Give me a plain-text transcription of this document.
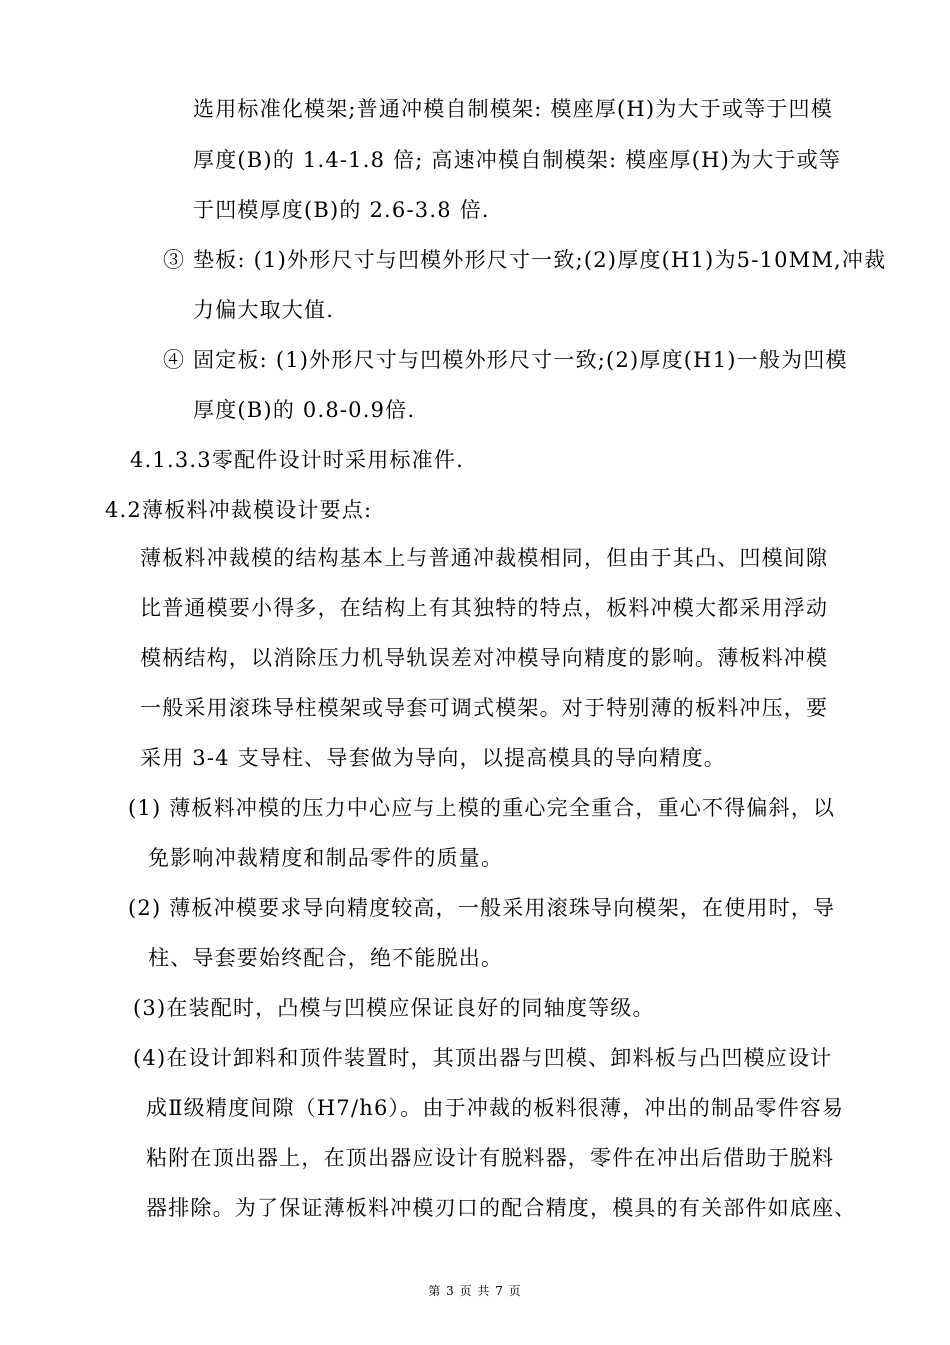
选用标准化模架;普通冲模自制模架: 模座厚(H)为大于或等于凹模
厚度(B)的 1.4-1.8 倍; 高速冲模自制模架: 模座厚(H)为大于或等
于凹模厚度(B)的 2.6-3.8 倍.
③ 垫板: (1)外形尺寸与凹模外形尺寸一致;(2)厚度(H1)为5-10MM,冲裁
力偏大取大值.
④ 固定板: (1)外形尺寸与凹模外形尺寸一致;(2)厚度(H1)一般为凹模
厚度(B)的 0.8-0.9倍.
4.1.3.3零配件设计时采用标准件.
4.2薄板料冲裁模设计要点:
薄板料冲裁模的结构基本上与普通冲裁模相同，但由于其凸、凹模间隙
比普通模要小得多，在结构上有其独特的特点，板料冲模大都采用浮动
模柄结构，以消除压力机导轨误差对冲模导向精度的影响。薄板料冲模
一般采用滚珠导柱模架或导套可调式模架。对于特别薄的板料冲压，要
采用 3-4 支导柱、导套做为导向，以提高模具的导向精度。
(1) 薄板料冲模的压力中心应与上模的重心完全重合，重心不得偏斜，以
免影响冲裁精度和制品零件的质量。
(2) 薄板冲模要求导向精度较高，一般采用滚珠导向模架，在使用时，导
柱、导套要始终配合，绝不能脱出。
(3)在装配时，凸模与凹模应保证良好的同轴度等级。
(4)在设计卸料和顶件装置时，其顶出器与凹模、卸料板与凸凹模应设计
成Ⅱ级精度间隙（H7/h6）。由于冲裁的板料很薄，冲出的制品零件容易
粘附在顶出器上，在顶出器应设计有脱料器，零件在冲出后借助于脱料
器排除。为了保证薄板料冲模刃口的配合精度，模具的有关部件如底座、
第 3 页 共 7 页
